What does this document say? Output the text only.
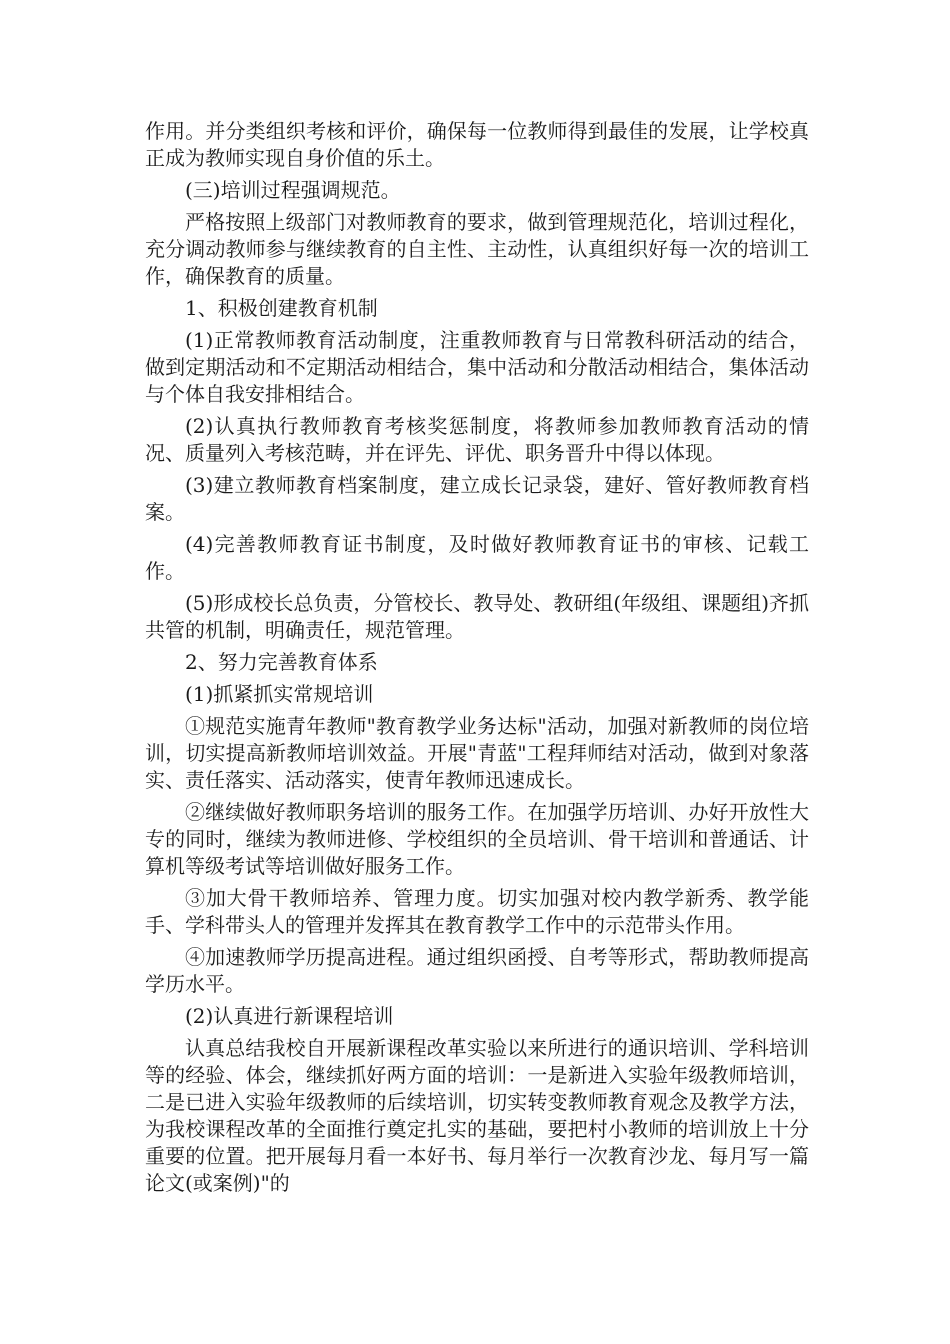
作用。并分类组织考核和评价，确保每一位教师得到最佳的发展，让学校真正成为教师实现自身价值的乐土。

(三)培训过程强调规范。

严格按照上级部门对教师教育的要求，做到管理规范化，培训过程化，充分调动教师参与继续教育的自主性、主动性，认真组织好每一次的培训工作，确保教育的质量。

1、积极创建教育机制

(1)正常教师教育活动制度，注重教师教育与日常教科研活动的结合，做到定期活动和不定期活动相结合，集中活动和分散活动相结合，集体活动与个体自我安排相结合。

(2)认真执行教师教育考核奖惩制度，将教师参加教师教育活动的情况、质量列入考核范畴，并在评先、评优、职务晋升中得以体现。

(3)建立教师教育档案制度，建立成长记录袋，建好、管好教师教育档案。

(4)完善教师教育证书制度，及时做好教师教育证书的审核、记载工作。

(5)形成校长总负责，分管校长、教导处、教研组(年级组、课题组)齐抓共管的机制，明确责任，规范管理。

2、努力完善教育体系

(1)抓紧抓实常规培训

①规范实施青年教师"教育教学业务达标"活动，加强对新教师的岗位培训，切实提高新教师培训效益。开展"青蓝"工程拜师结对活动，做到对象落实、责任落实、活动落实，使青年教师迅速成长。

②继续做好教师职务培训的服务工作。在加强学历培训、办好开放性大专的同时，继续为教师进修、学校组织的全员培训、骨干培训和普通话、计算机等级考试等培训做好服务工作。

③加大骨干教师培养、管理力度。切实加强对校内教学新秀、教学能手、学科带头人的管理并发挥其在教育教学工作中的示范带头作用。

④加速教师学历提高进程。通过组织函授、自考等形式，帮助教师提高学历水平。

(2)认真进行新课程培训

认真总结我校自开展新课程改革实验以来所进行的通识培训、学科培训等的经验、体会，继续抓好两方面的培训：一是新进入实验年级教师培训，二是已进入实验年级教师的后续培训，切实转变教师教育观念及教学方法，为我校课程改革的全面推行奠定扎实的基础，要把村小教师的培训放上十分重要的位置。把开展每月看一本好书、每月举行一次教育沙龙、每月写一篇论文(或案例)"的
